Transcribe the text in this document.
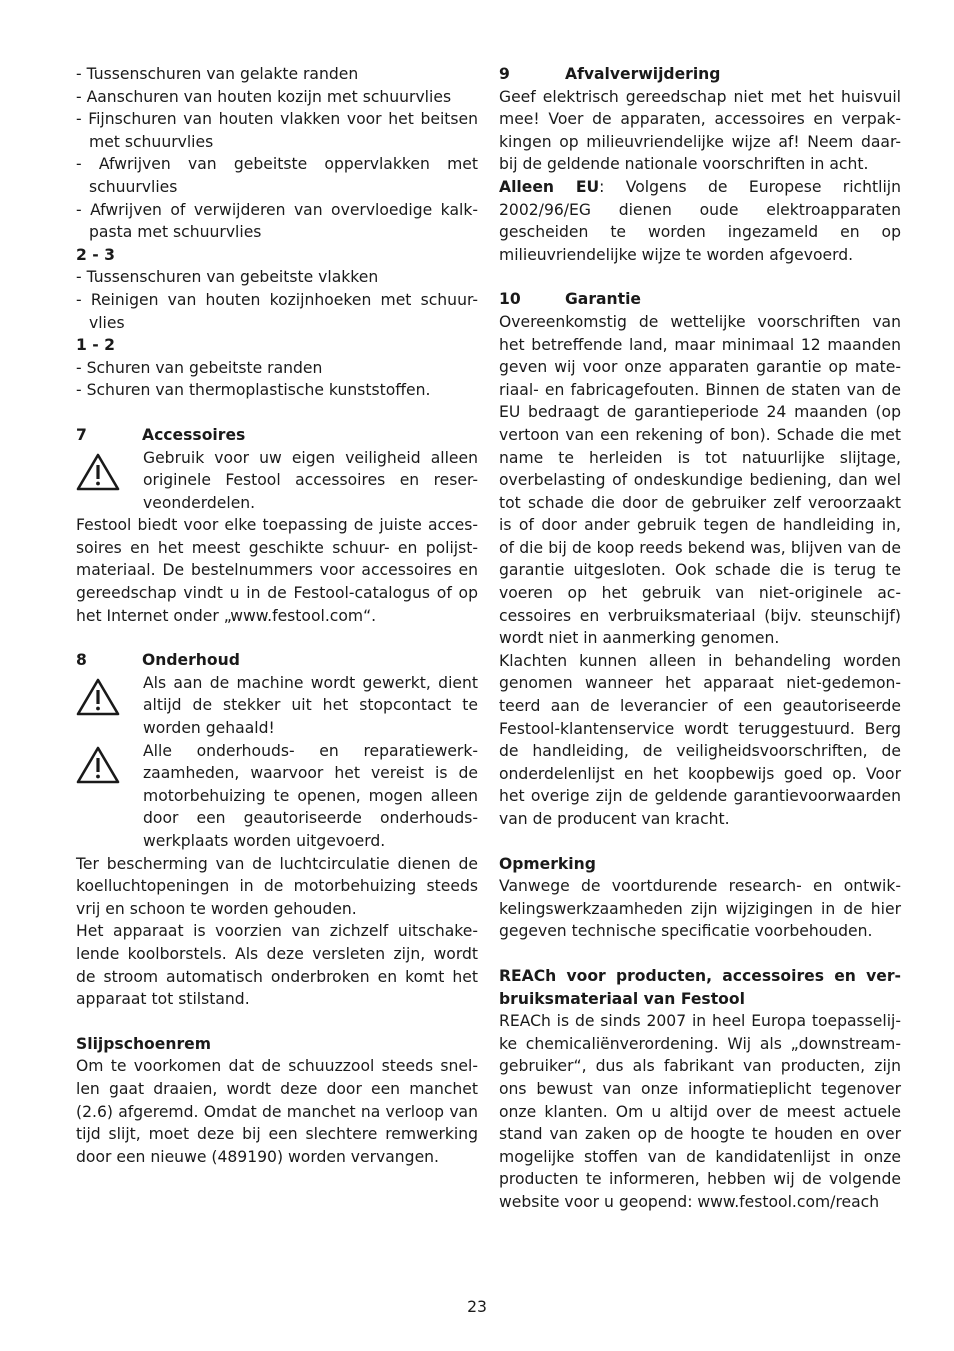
- Tussenschuren van gelakte randen
- Aanschuren van houten kozijn met schuurvlies
- Fijnschuren van houten vlakken voor het beitsen met schuurvlies
- Afwrijven van gebeitste oppervlakken met schuurvlies
- Afwrijven of verwijderen van overvloedige kalk-pasta met schuurvlies

2 - 3

- Tussenschuren van gebeitste vlakken
- Reinigen van houten kozijnhoeken met schuur-vlies

1 - 2

- Schuren van gebeitste randen
- Schuren van thermoplastische kunststoffen.
7	Accessoires
Gebruik voor uw eigen veiligheid alleen originele Festool accessoires en reser-veonderdelen.

Festool biedt voor elke toepassing de juiste acces-soires en het meest geschikte schuur- en polijst-materiaal. De bestelnummers voor accessoires en gereedschap vindt u in de Festool-catalogus of op het Internet onder „www.festool.com“.

8	Onderhoud
Als aan de machine wordt gewerkt, dient altijd de stekker uit het stopcontact te worden gehaald!
Alle onderhouds- en reparatiewerk-zaamheden, waarvoor het vereist is de motorbehuizing te openen, mogen alleen door een geautoriseerde onderhouds-werkplaats worden uitgevoerd.

Ter bescherming van de luchtcirculatie dienen de koelluchtopeningen in de motorbehuizing steeds vrij en schoon te worden gehouden.

Het apparaat is voorzien van zichzelf uitschake-lende koolborstels. Als deze versleten zijn, wordt de stroom automatisch onderbroken en komt het apparaat tot stilstand.

Slijpschoenrem

Om te voorkomen dat de schuuzzool steeds snel-len gaat draaien, wordt deze door een manchet (2.6) afgeremd. Omdat de manchet na verloop van tijd slijt, moet deze bij een slechtere remwerking door een nieuwe (489190) worden vervangen.

9	Afvalverwijdering

Geef elektrisch gereedschap niet met het huisvuil mee! Voer de apparaten, accessoires en verpak-kingen op milieuvriendelijke wijze af! Neem daar-bij de geldende nationale voorschriften in acht.

Alleen EU: Volgens de Europese richtlijn 2002/96/EG dienen oude elektroapparaten gescheiden te worden ingezameld en op milieuvriendelijke wijze te worden afgevoerd.

10	Garantie

Overeenkomstig de wettelijke voorschriften van het betreffende land, maar minimaal 12 maanden geven wij voor onze apparaten garantie op mate-riaal- en fabricagefouten. Binnen de staten van de EU bedraagt de garantieperiode 24 maanden (op vertoon van een rekening of bon). Schade die met name te herleiden is tot natuurlijke slijtage, overbelasting of ondeskundige bediening, dan wel tot schade die door de gebruiker zelf veroorzaakt is of door ander gebruik tegen de handleiding in, of die bij de koop reeds bekend was, blijven van de garantie uitgesloten. Ook schade die is terug te voeren op het gebruik van niet-originele ac-cessoires en verbruiksmateriaal (bijv. steunschijf) wordt niet in aanmerking genomen.

Klachten kunnen alleen in behandeling worden genomen wanneer het apparaat niet-gedemon-teerd aan de leverancier of een geautoriseerde Festool-klantenservice wordt teruggestuurd. Berg de handleiding, de veiligheidsvoorschriften, de onderdelenlijst en het koopbewijs goed op. Voor het overige zijn de geldende garantievoorwaarden van de producent van kracht.

Opmerking

Vanwege de voortdurende research- en ontwik-kelingswerkzaamheden zijn wijzigingen in de hier gegeven technische specificatie voorbehouden.

REACh voor producten, accessoires en ver-bruiksmateriaal van Festool

REACh is de sinds 2007 in heel Europa toepasselij-ke chemicaliënverordening. Wij als „downstream-gebruiker“, dus als fabrikant van producten, zijn ons bewust van onze informatieplicht tegenover onze klanten. Om u altijd over de meest actuele stand van zaken op de hoogte te houden en over mogelijke stoffen van de kandidatenlijst in onze producten te informeren, hebben wij de volgende website voor u geopend: www.festool.com/reach

23
